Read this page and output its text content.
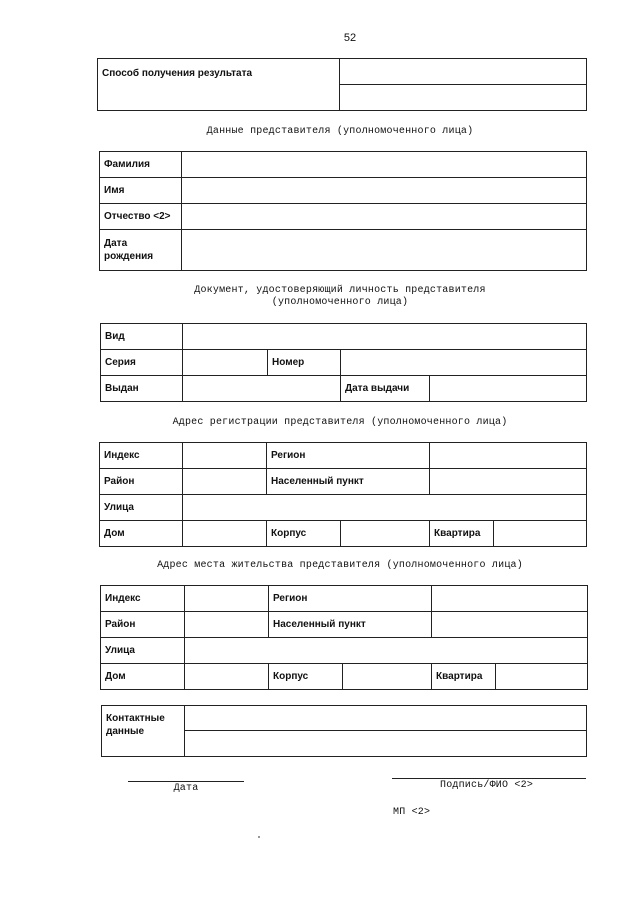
52
Способ получения результата	

Данные представителя (уполномоченного лица)
Фамилия	
Имя	
Отчество <2>	
Дата рождения	
Документ, удостоверяющий личность представителя
(уполномоченного лица)
Вид				
Серия		Номер		
Выдан			Дата выдачи	
Адрес регистрации представителя (уполномоченного лица)
Индекс		Регион			
Район		Населенный пункт			
Улица					
Дом		Корпус		Квартира	
Адрес места жительства представителя (уполномоченного лица)
Индекс		Регион			
Район		Населенный пункт			
Улица					
Дом		Корпус		Квартира	
Контактные данные	

Дата	Подпись/ФИО <2>
МП <2>
